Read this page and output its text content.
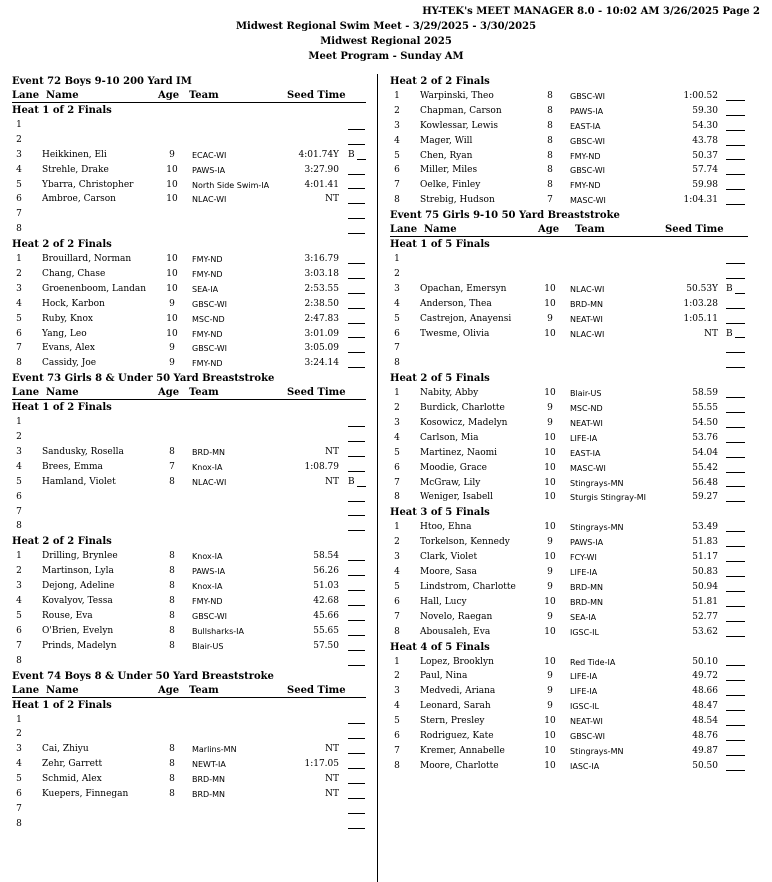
HY-TEK's MEET MANAGER 8.0 - 10:02 AM 3/26/2025 Page 2
Midwest Regional Swim Meet - 3/29/2025 - 3/30/2025
Midwest Regional 2025
Meet Program - Sunday AM
Event 72 Boys 9-10 200 Yard IM
Lane Name	Age Team	Seed Time
Heat 1 of 2 Finals
1
2
3	Heikkinen, Eli	9	ECAC-WI	4:01.74Y B
4	Strehle, Drake	10	PAWS-IA	3:27.90
5	Ybarra, Christopher	10	North Side Swim-IA	4:01.41
6	Ambroe, Carson	10	NLAC-WI	NT
7
8
Heat 2 of 2 Finals
1	Brouillard, Norman	10	FMY-ND	3:16.79
2	Chang, Chase	10	FMY-ND	3:03.18
3	Groenenboom, Landan	10	SEA-IA	2:53.55
4	Hock, Karbon	9	GBSC-WI	2:38.50
5	Ruby, Knox	10	MSC-ND	2:47.83
6	Yang, Leo	10	FMY-ND	3:01.09
7	Evans, Alex	9	GBSC-WI	3:05.09
8	Cassidy, Joe	9	FMY-ND	3:24.14
Event 73 Girls 8 & Under 50 Yard Breaststroke
Lane Name	Age Team	Seed Time
Heat 1 of 2 Finals
1
2
3	Sandusky, Rosella	8	BRD-MN	NT
4	Brees, Emma	7	Knox-IA	1:08.79
5	Hamland, Violet	8	NLAC-WI	NT B
6
7
8
Heat 2 of 2 Finals
1	Drilling, Brynlee	8	Knox-IA	58.54
2	Martinson, Lyla	8	PAWS-IA	56.26
3	Dejong, Adeline	8	Knox-IA	51.03
4	Kovalyov, Tessa	8	FMY-ND	42.68
5	Rouse, Eva	8	GBSC-WI	45.66
6	O'Brien, Evelyn	8	Bullsharks-IA	55.65
7	Prinds, Madelyn	8	Blair-US	57.50
8
Event 74 Boys 8 & Under 50 Yard Breaststroke
Lane Name	Age Team	Seed Time
Heat 1 of 2 Finals
1
2
3	Cai, Zhiyu	8	Marlins-MN	NT
4	Zehr, Garrett	8	NEWT-IA	1:17.05
5	Schmid, Alex	8	BRD-MN	NT
6	Kuepers, Finnegan	8	BRD-MN	NT
7
8
Heat 2 of 2 Finals
1	Warpinski, Theo	8	GBSC-WI	1:00.52
2	Chapman, Carson	8	PAWS-IA	59.30
3	Kowlessar, Lewis	8	EAST-IA	54.30
4	Mager, Will	8	GBSC-WI	43.78
5	Chen, Ryan	8	FMY-ND	50.37
6	Miller, Miles	8	GBSC-WI	57.74
7	Oelke, Finley	8	FMY-ND	59.98
8	Strebig, Hudson	7	MASC-WI	1:04.31
Event 75 Girls 9-10 50 Yard Breaststroke
Lane Name	Age Team	Seed Time
Heat 1 of 5 Finals
1
2
3	Opachan, Emersyn	10	NLAC-WI	50.53Y B
4	Anderson, Thea	10	BRD-MN	1:03.28
5	Castrejon, Anayensi	9	NEAT-WI	1:05.11
6	Twesme, Olivia	10	NLAC-WI	NT B
7
8
Heat 2 of 5 Finals
1	Nabity, Abby	10	Blair-US	58.59
2	Burdick, Charlotte	9	MSC-ND	55.55
3	Kosowicz, Madelyn	9	NEAT-WI	54.50
4	Carlson, Mia	10	LIFE-IA	53.76
5	Martinez, Naomi	10	EAST-IA	54.04
6	Moodie, Grace	10	MASC-WI	55.42
7	McGraw, Lily	10	Stingrays-MN	56.48
8	Weniger, Isabell	10	Sturgis Stingray-MI	59.27
Heat 3 of 5 Finals
1	Htoo, Ehna	10	Stingrays-MN	53.49
2	Torkelson, Kennedy	9	PAWS-IA	51.83
3	Clark, Violet	10	FCY-WI	51.17
4	Moore, Sasa	9	LIFE-IA	50.83
5	Lindstrom, Charlotte	9	BRD-MN	50.94
6	Hall, Lucy	10	BRD-MN	51.81
7	Novelo, Raegan	9	SEA-IA	52.77
8	Abousaleh, Eva	10	IGSC-IL	53.62
Heat 4 of 5 Finals
1	Lopez, Brooklyn	10	Red Tide-IA	50.10
2	Paul, Nina	9	LIFE-IA	49.72
3	Medvedi, Ariana	9	LIFE-IA	48.66
4	Leonard, Sarah	9	IGSC-IL	48.47
5	Stern, Presley	10	NEAT-WI	48.54
6	Rodriguez, Kate	10	GBSC-WI	48.76
7	Kremer, Annabelle	10	Stingrays-MN	49.87
8	Moore, Charlotte	10	IASC-IA	50.50
